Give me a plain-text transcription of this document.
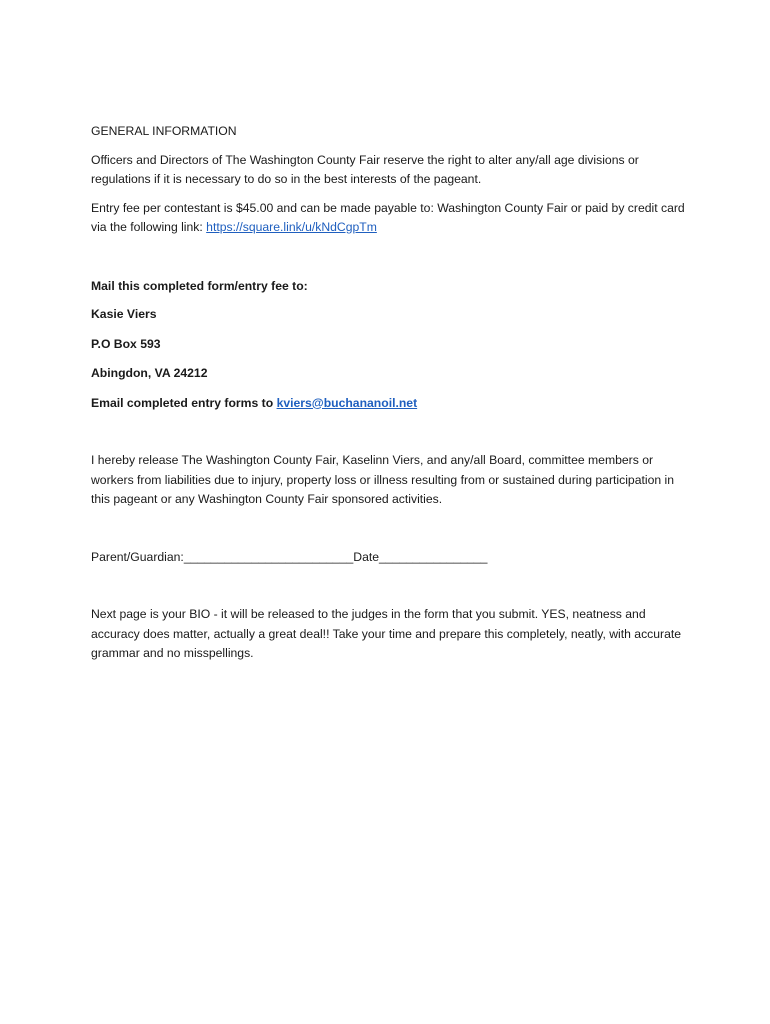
GENERAL INFORMATION

Officers and Directors of The Washington County Fair reserve the right to alter any/all age divisions or regulations if it is necessary to do so in the best interests of the pageant.

Entry fee per contestant is $45.00 and can be made payable to: Washington County Fair or paid by credit card via the following link: https://square.link/u/kNdCgpTm

Mail this completed form/entry fee to:

Kasie Viers

P.O Box 593

Abingdon, VA 24212

Email completed entry forms to kviers@buchananoil.net

I hereby release The Washington County Fair, Kaselinn Viers, and any/all Board, committee members or workers from liabilities due to injury, property loss or illness resulting from or sustained during participation in this pageant or any Washington County Fair sponsored activities.

Parent/Guardian:_________________________Date________________

Next page is your BIO - it will be released to the judges in the form that you submit. YES, neatness and accuracy does matter, actually a great deal!! Take your time and prepare this completely, neatly, with accurate grammar and no misspellings.
